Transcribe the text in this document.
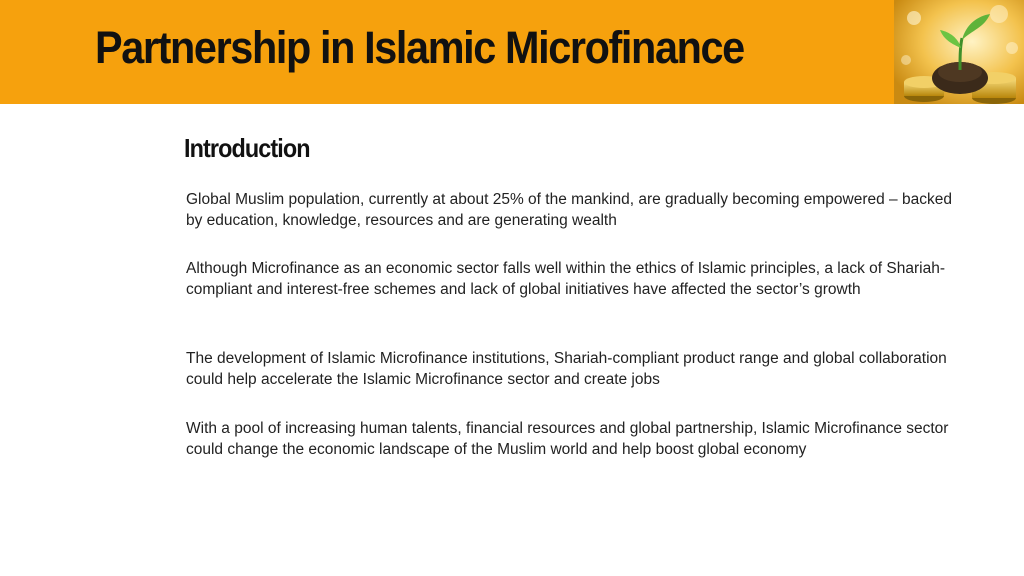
Partnership in Islamic Microfinance
Introduction

Global Muslim population, currently at about 25% of the mankind, are gradually becoming empowered – backed by education, knowledge, resources and are generating wealth

Although Microfinance as an economic sector falls well within the ethics of Islamic principles, a lack of Shariah-compliant and interest-free schemes and lack of global initiatives have affected the sector’s growth

The development of Islamic Microfinance institutions, Shariah-compliant product range and global collaboration could help accelerate the Islamic Microfinance sector and create jobs

With a pool of increasing human talents, financial resources and global partnership, Islamic Microfinance sector could change the economic landscape of the Muslim world and help boost global economy
